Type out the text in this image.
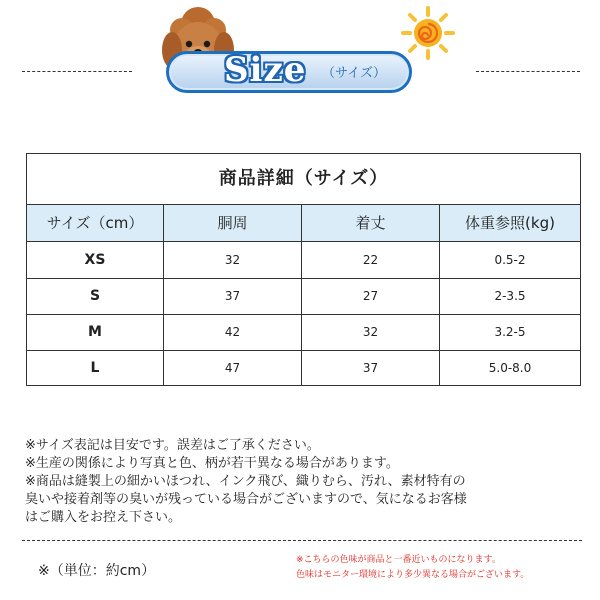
Size （サイズ）
商品詳細（サイズ）
サイズ（cm）	胴周	着丈	体重参照(kg)
XS	32	22	0.5-2
S	37	27	2-3.5
M	42	32	3.2-5
L	47	37	5.0-8.0
※サイズ表記は目安です。誤差はご了承ください。
※生産の関係により写真と色、柄が若干異なる場合があります。
※商品は縫製上の細かいほつれ、インク飛び、織りむら、汚れ、素材特有の
臭いや接着剤等の臭いが残っている場合がございますので、気になるお客様
はご購入をお控え下さい。
※（単位：約cm）
※こちらの色味が商品と一番近いものになります。
色味はモニター環境により多少異なる場合がございます。
